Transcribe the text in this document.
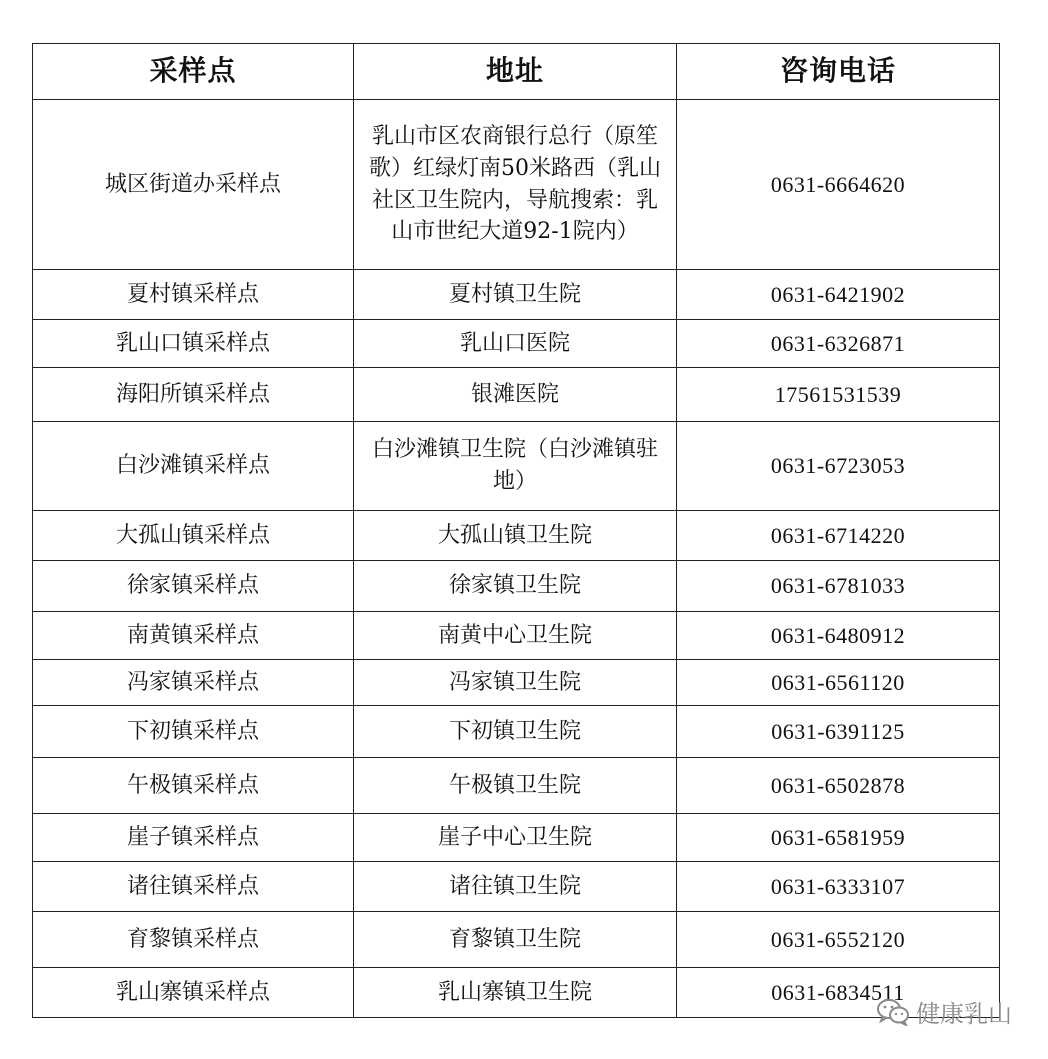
采样点	地址	咨询电话
城区街道办采样点	乳山市区农商银行总行（原笙歌）红绿灯南50米路西（乳山社区卫生院内，导航搜索：乳山市世纪大道92-1院内）	0631-6664620
夏村镇采样点	夏村镇卫生院	0631-6421902
乳山口镇采样点	乳山口医院	0631-6326871
海阳所镇采样点	银滩医院	17561531539
白沙滩镇采样点	白沙滩镇卫生院（白沙滩镇驻地）	0631-6723053
大孤山镇采样点	大孤山镇卫生院	0631-6714220
徐家镇采样点	徐家镇卫生院	0631-6781033
南黄镇采样点	南黄中心卫生院	0631-6480912
冯家镇采样点	冯家镇卫生院	0631-6561120
下初镇采样点	下初镇卫生院	0631-6391125
午极镇采样点	午极镇卫生院	0631-6502878
崖子镇采样点	崖子中心卫生院	0631-6581959
诸往镇采样点	诸往镇卫生院	0631-6333107
育黎镇采样点	育黎镇卫生院	0631-6552120
乳山寨镇采样点	乳山寨镇卫生院	0631-6834511
健康乳山
